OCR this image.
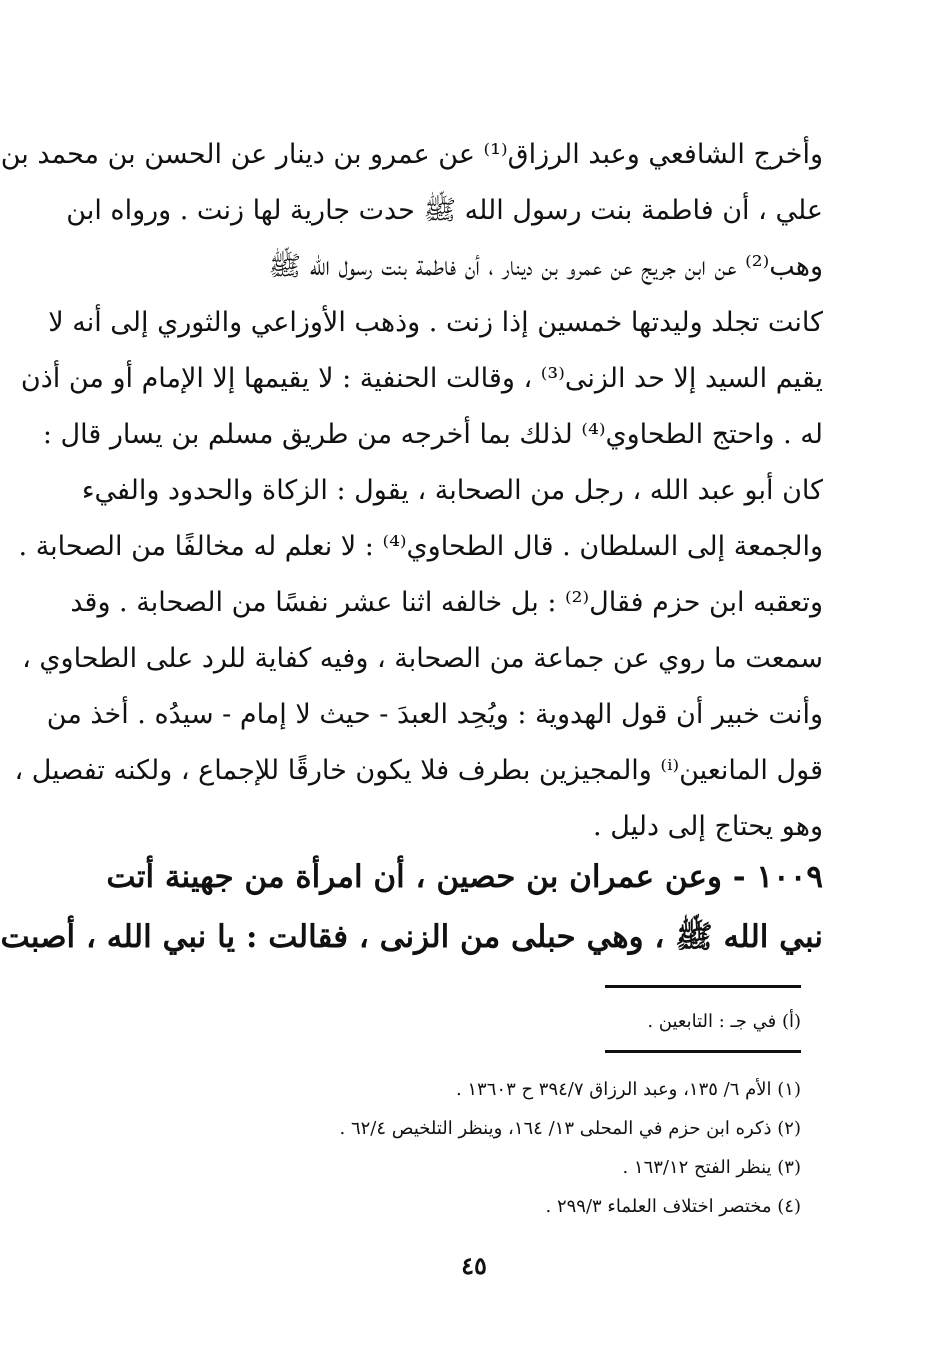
وأخرج الشافعي وعبد الرزاق⁽¹⁾ عن عمرو بن دينار عن الحسن بن محمد بن
علي ، أن فاطمة بنت رسول الله ﷺ حدت جارية لها زنت . ورواه ابن
وهب⁽²⁾ عن ابن جريج عن عمرو بن دينار ، أن فاطمة بنت رسول الله ﷺ
كانت تجلد وليدتها خمسين إذا زنت . وذهب الأوزاعي والثوري إلى أنه لا
يقيم السيد إلا حد الزنى⁽³⁾ ، وقالت الحنفية : لا يقيمها إلا الإمام أو من أذن
له . واحتج الطحاوي⁽⁴⁾ لذلك بما أخرجه من طريق مسلم بن يسار قال :
كان أبو عبد الله ، رجل من الصحابة ، يقول : الزكاة والحدود والفيء
والجمعة إلى السلطان . قال الطحاوي⁽⁴⁾ : لا نعلم له مخالفًا من الصحابة .
وتعقبه ابن حزم فقال⁽²⁾ : بل خالفه اثنا عشر نفسًا من الصحابة . وقد
سمعت ما روي عن جماعة من الصحابة ، وفيه كفاية للرد على الطحاوي ،
وأنت خبير أن قول الهدوية : ويُحِد العبدَ - حيث لا إمام - سيدُه . أخذ من
قول المانعين⁽ⁱ⁾ والمجيزين بطرف فلا يكون خارقًا للإجماع ، ولكنه تفصيل ،
وهو يحتاج إلى دليل .
١٠٠٩ - وعن عمران بن حصين ، أن امرأة من جهينة أتت
نبي الله ﷺ ، وهي حبلى من الزنى ، فقالت : يا نبي الله ، أصبت
(أ) في جـ : التابعين .
(١) الأم ٦/ ١٣٥، وعبد الرزاق ٣٩٤/٧ ح ١٣٦٠٣ .
(٢) ذكره ابن حزم في المحلى ١٣/ ١٦٤، وينظر التلخيص ٦٢/٤ .
(٣) ينظر الفتح ١٦٣/١٢ .
(٤) مختصر اختلاف العلماء ٢٩٩/٣ .
٤٥
